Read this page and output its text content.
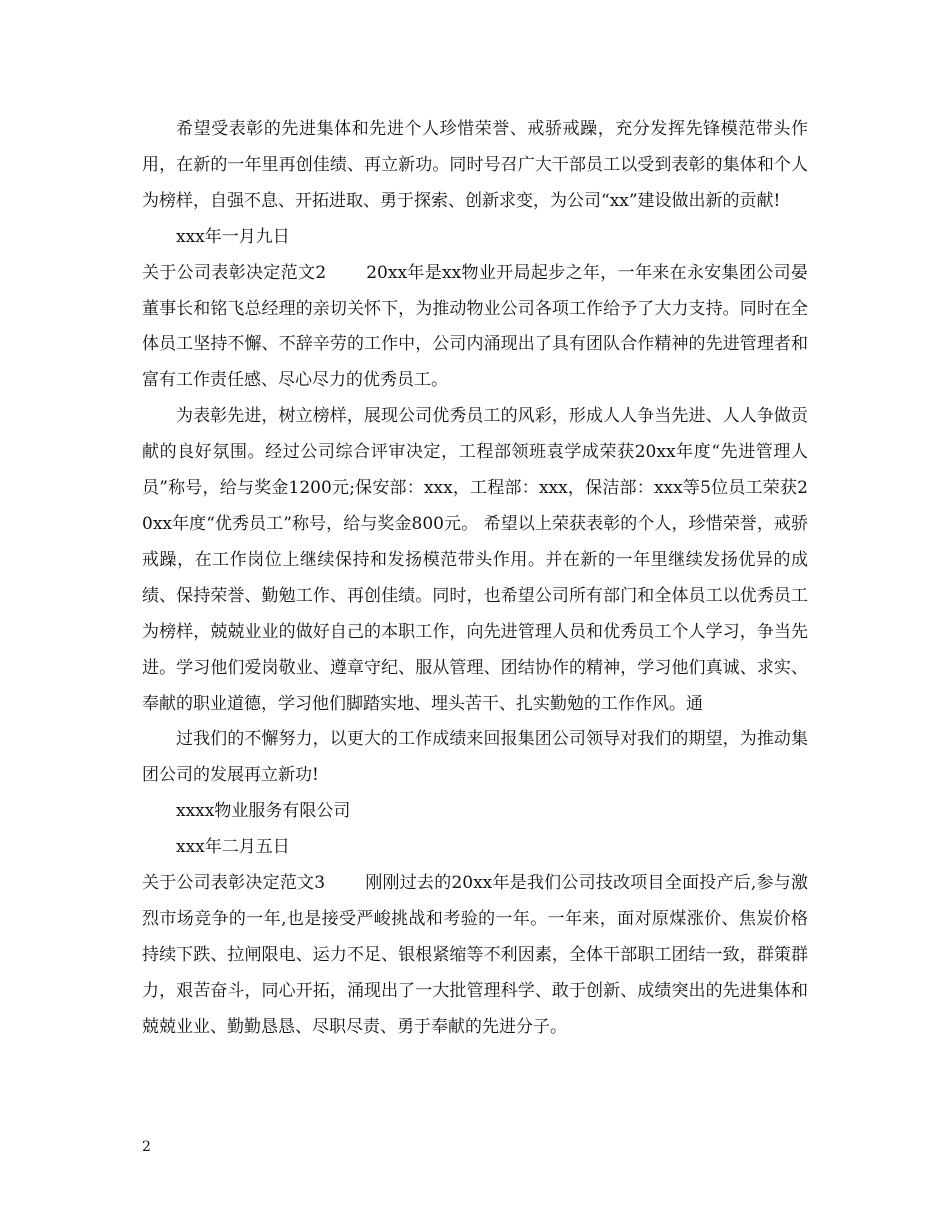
希望受表彰的先进集体和先进个人珍惜荣誉、戒骄戒躁，充分发挥先锋模范带头作用，在新的一年里再创佳绩、再立新功。同时号召广大干部员工以受到表彰的集体和个人为榜样，自强不息、开拓进取、勇于探索、创新求变，为公司“xx”建设做出新的贡献!

xxx年一月九日

关于公司表彰决定范文2 20xx年是xx物业开局起步之年，一年来在永安集团公司晏董事长和铭飞总经理的亲切关怀下，为推动物业公司各项工作给予了大力支持。同时在全体员工坚持不懈、不辞辛劳的工作中，公司内涌现出了具有团队合作精神的先进管理者和富有工作责任感、尽心尽力的优秀员工。

为表彰先进，树立榜样，展现公司优秀员工的风彩，形成人人争当先进、人人争做贡献的良好氛围。经过公司综合评审决定，工程部领班袁学成荣获20xx年度“先进管理人员”称号，给与奖金1200元;保安部：xxx，工程部：xxx，保洁部：xxx等5位员工荣获20xx年度“优秀员工”称号，给与奖金800元。 希望以上荣获表彰的个人，珍惜荣誉，戒骄戒躁，在工作岗位上继续保持和发扬模范带头作用。并在新的一年里继续发扬优异的成绩、保持荣誉、勤勉工作、再创佳绩。同时，也希望公司所有部门和全体员工以优秀员工为榜样，兢兢业业的做好自己的本职工作，向先进管理人员和优秀员工个人学习，争当先进。学习他们爱岗敬业、遵章守纪、服从管理、团结协作的精神，学习他们真诚、求实、奉献的职业道德，学习他们脚踏实地、埋头苦干、扎实勤勉的工作作风。通

过我们的不懈努力，以更大的工作成绩来回报集团公司领导对我们的期望，为推动集团公司的发展再立新功!

xxxx物业服务有限公司

xxx年二月五日

关于公司表彰决定范文3 刚刚过去的20xx年是我们公司技改项目全面投产后,参与激烈市场竞争的一年,也是接受严峻挑战和考验的一年。一年来，面对原煤涨价、焦炭价格持续下跌、拉闸限电、运力不足、银根紧缩等不利因素，全体干部职工团结一致，群策群力，艰苦奋斗，同心开拓，涌现出了一大批管理科学、敢于创新、成绩突出的先进集体和兢兢业业、勤勤恳恳、尽职尽责、勇于奉献的先进分子。

2
